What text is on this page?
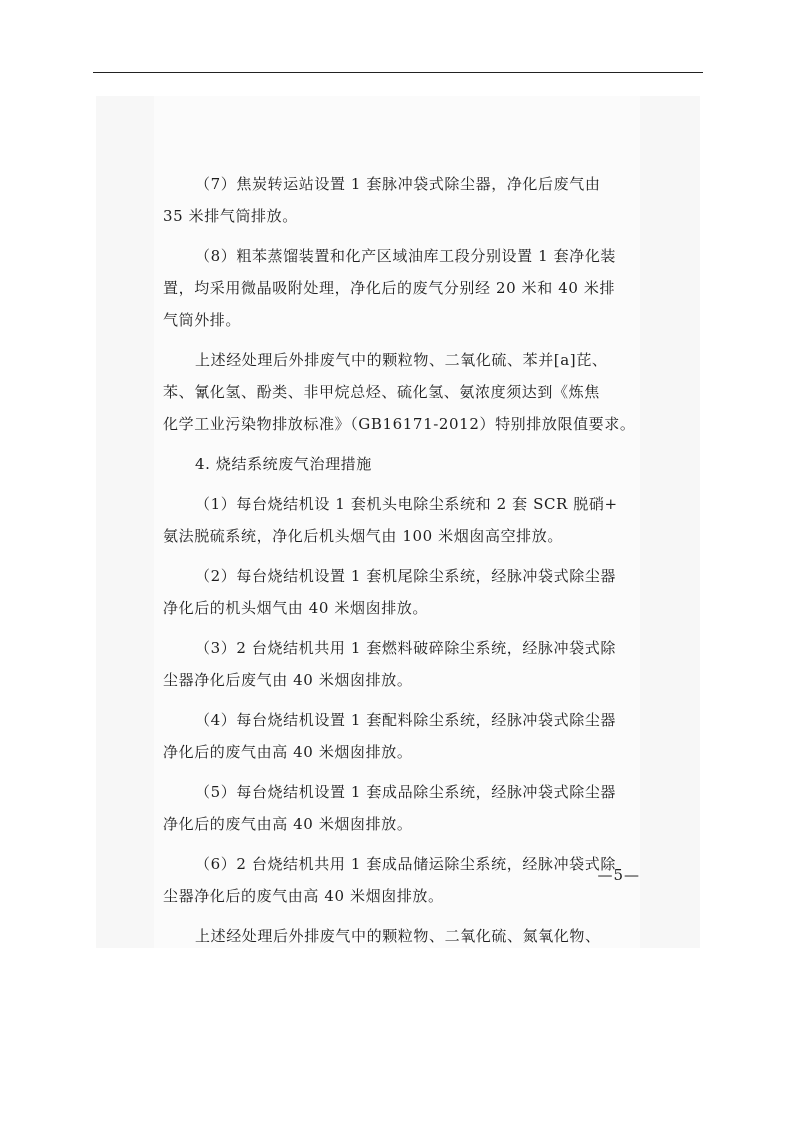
（7）焦炭转运站设置 1 套脉冲袋式除尘器，净化后废气由
35 米排气筒排放。

（8）粗苯蒸馏装置和化产区域油库工段分别设置 1 套净化装
置，均采用微晶吸附处理，净化后的废气分别经 20 米和 40 米排
气筒外排。

上述经处理后外排废气中的颗粒物、二氧化硫、苯并[a]芘、
苯、氰化氢、酚类、非甲烷总烃、硫化氢、氨浓度须达到《炼焦
化学工业污染物排放标准》（GB16171-2012）特别排放限值要求。

4. 烧结系统废气治理措施

（1）每台烧结机设 1 套机头电除尘系统和 2 套 SCR 脱硝+
氨法脱硫系统，净化后机头烟气由 100 米烟囱高空排放。

（2）每台烧结机设置 1 套机尾除尘系统，经脉冲袋式除尘器
净化后的机头烟气由 40 米烟囱排放。

（3）2 台烧结机共用 1 套燃料破碎除尘系统，经脉冲袋式除
尘器净化后废气由 40 米烟囱排放。

（4）每台烧结机设置 1 套配料除尘系统，经脉冲袋式除尘器
净化后的废气由高 40 米烟囱排放。

（5）每台烧结机设置 1 套成品除尘系统，经脉冲袋式除尘器
净化后的废气由高 40 米烟囱排放。

（6）2 台烧结机共用 1 套成品储运除尘系统，经脉冲袋式除
尘器净化后的废气由高 40 米烟囱排放。

上述经处理后外排废气中的颗粒物、二氧化硫、氮氧化物、

—5—
